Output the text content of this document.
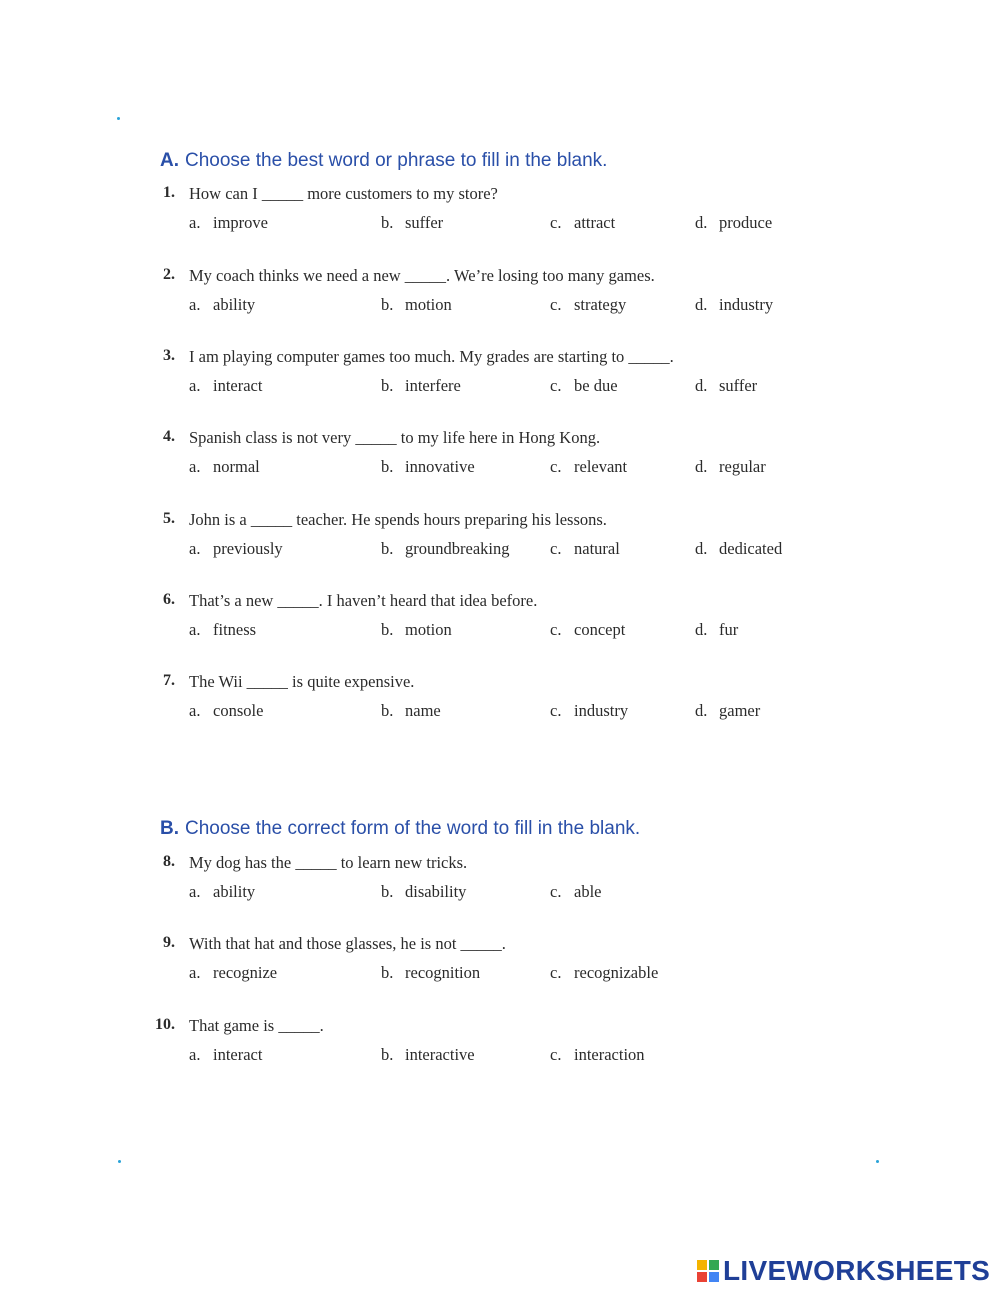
A. Choose the best word or phrase to fill in the blank.
B. Choose the correct form of the word to fill in the blank.
1. How can I _____ more customers to my store?
a. improve	b. suffer	c. attract	d. produce
2. My coach thinks we need a new _____. We’re losing too many games.
a. ability	b. motion	c. strategy	d. industry
3. I am playing computer games too much. My grades are starting to _____.
a. interact	b. interfere	c. be due	d. suffer
4. Spanish class is not very _____ to my life here in Hong Kong.
a. normal	b. innovative	c. relevant	d. regular
5. John is a _____ teacher. He spends hours preparing his lessons.
a. previously	b. groundbreaking c. natural	d. dedicated
6. That’s a new _____. I haven’t heard that idea before.
a. fitness	b. motion	c. concept	d. fur
7. The Wii _____ is quite expensive.
a. console	b. name	c. industry	d. gamer
8. My dog has the _____ to learn new tricks.
a. ability	b. disability	c. able
9. With that hat and those glasses, he is not _____.
a. recognize	b. recognition	c. recognizable
10. That game is _____.
a. interact	b. interactive	c. interaction
LIVEWORKSHEETS
